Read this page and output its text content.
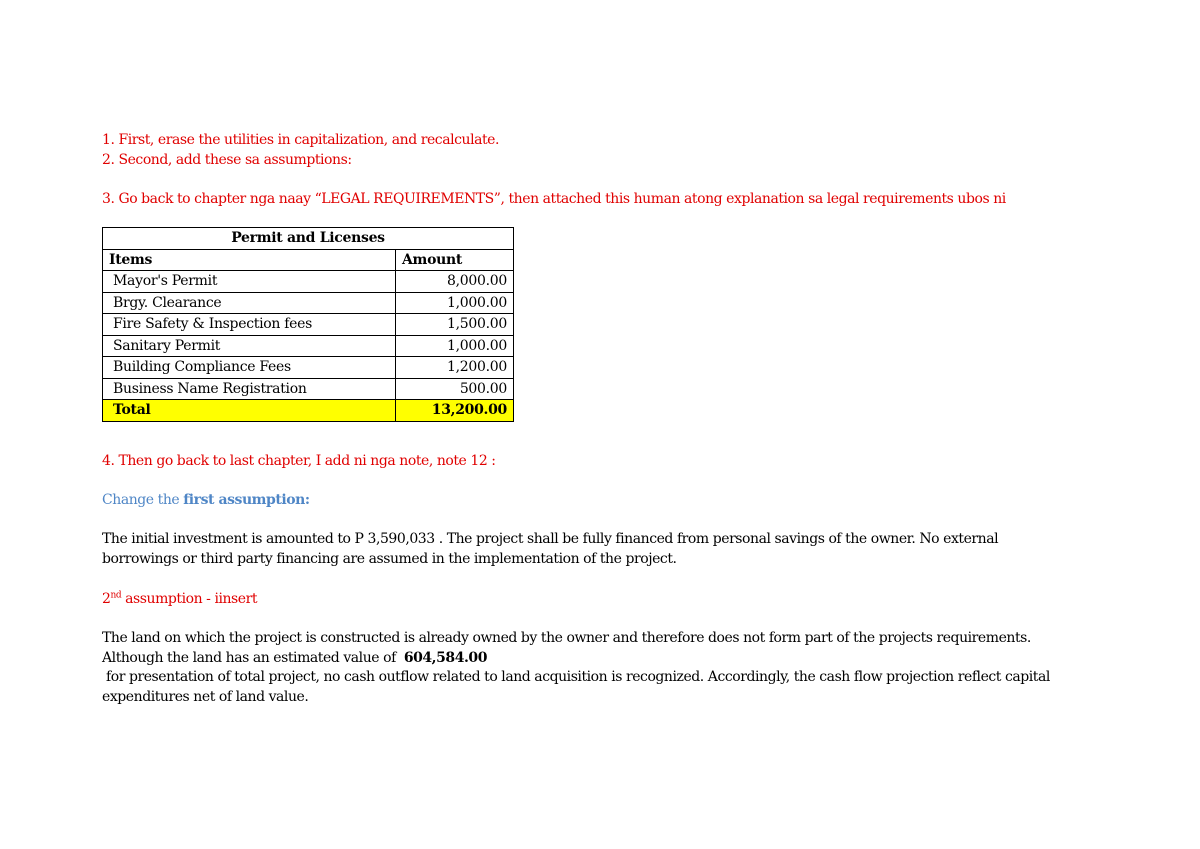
1. First, erase the utilities in capitalization, and recalculate.
2. Second, add these sa assumptions:
3. Go back to chapter nga naay “LEGAL REQUIREMENTS”, then attached this human atong explanation sa legal requirements ubos ni
Permit and Licenses	
Items	Amount
Mayor's Permit	8,000.00
Brgy. Clearance	1,000.00
Fire Safety & Inspection fees	1,500.00
Sanitary Permit	1,000.00
Building Compliance Fees	1,200.00
Business Name Registration	500.00
Total	13,200.00
4. Then go back to last chapter, I add ni nga note, note 12 :
Change the first assumption:
The initial investment is amounted to P 3,590,033 . The project shall be fully financed from personal savings of the owner. No external
borrowings or third party financing are assumed in the implementation of the project.
2nd assumption - iinsert
The land on which the project is constructed is already owned by the owner and therefore does not form part of the projects requirements.
Although the land has an estimated value of  604,584.00
for presentation of total project, no cash outflow related to land acquisition is recognized. Accordingly, the cash flow projection reflect capital
expenditures net of land value.
